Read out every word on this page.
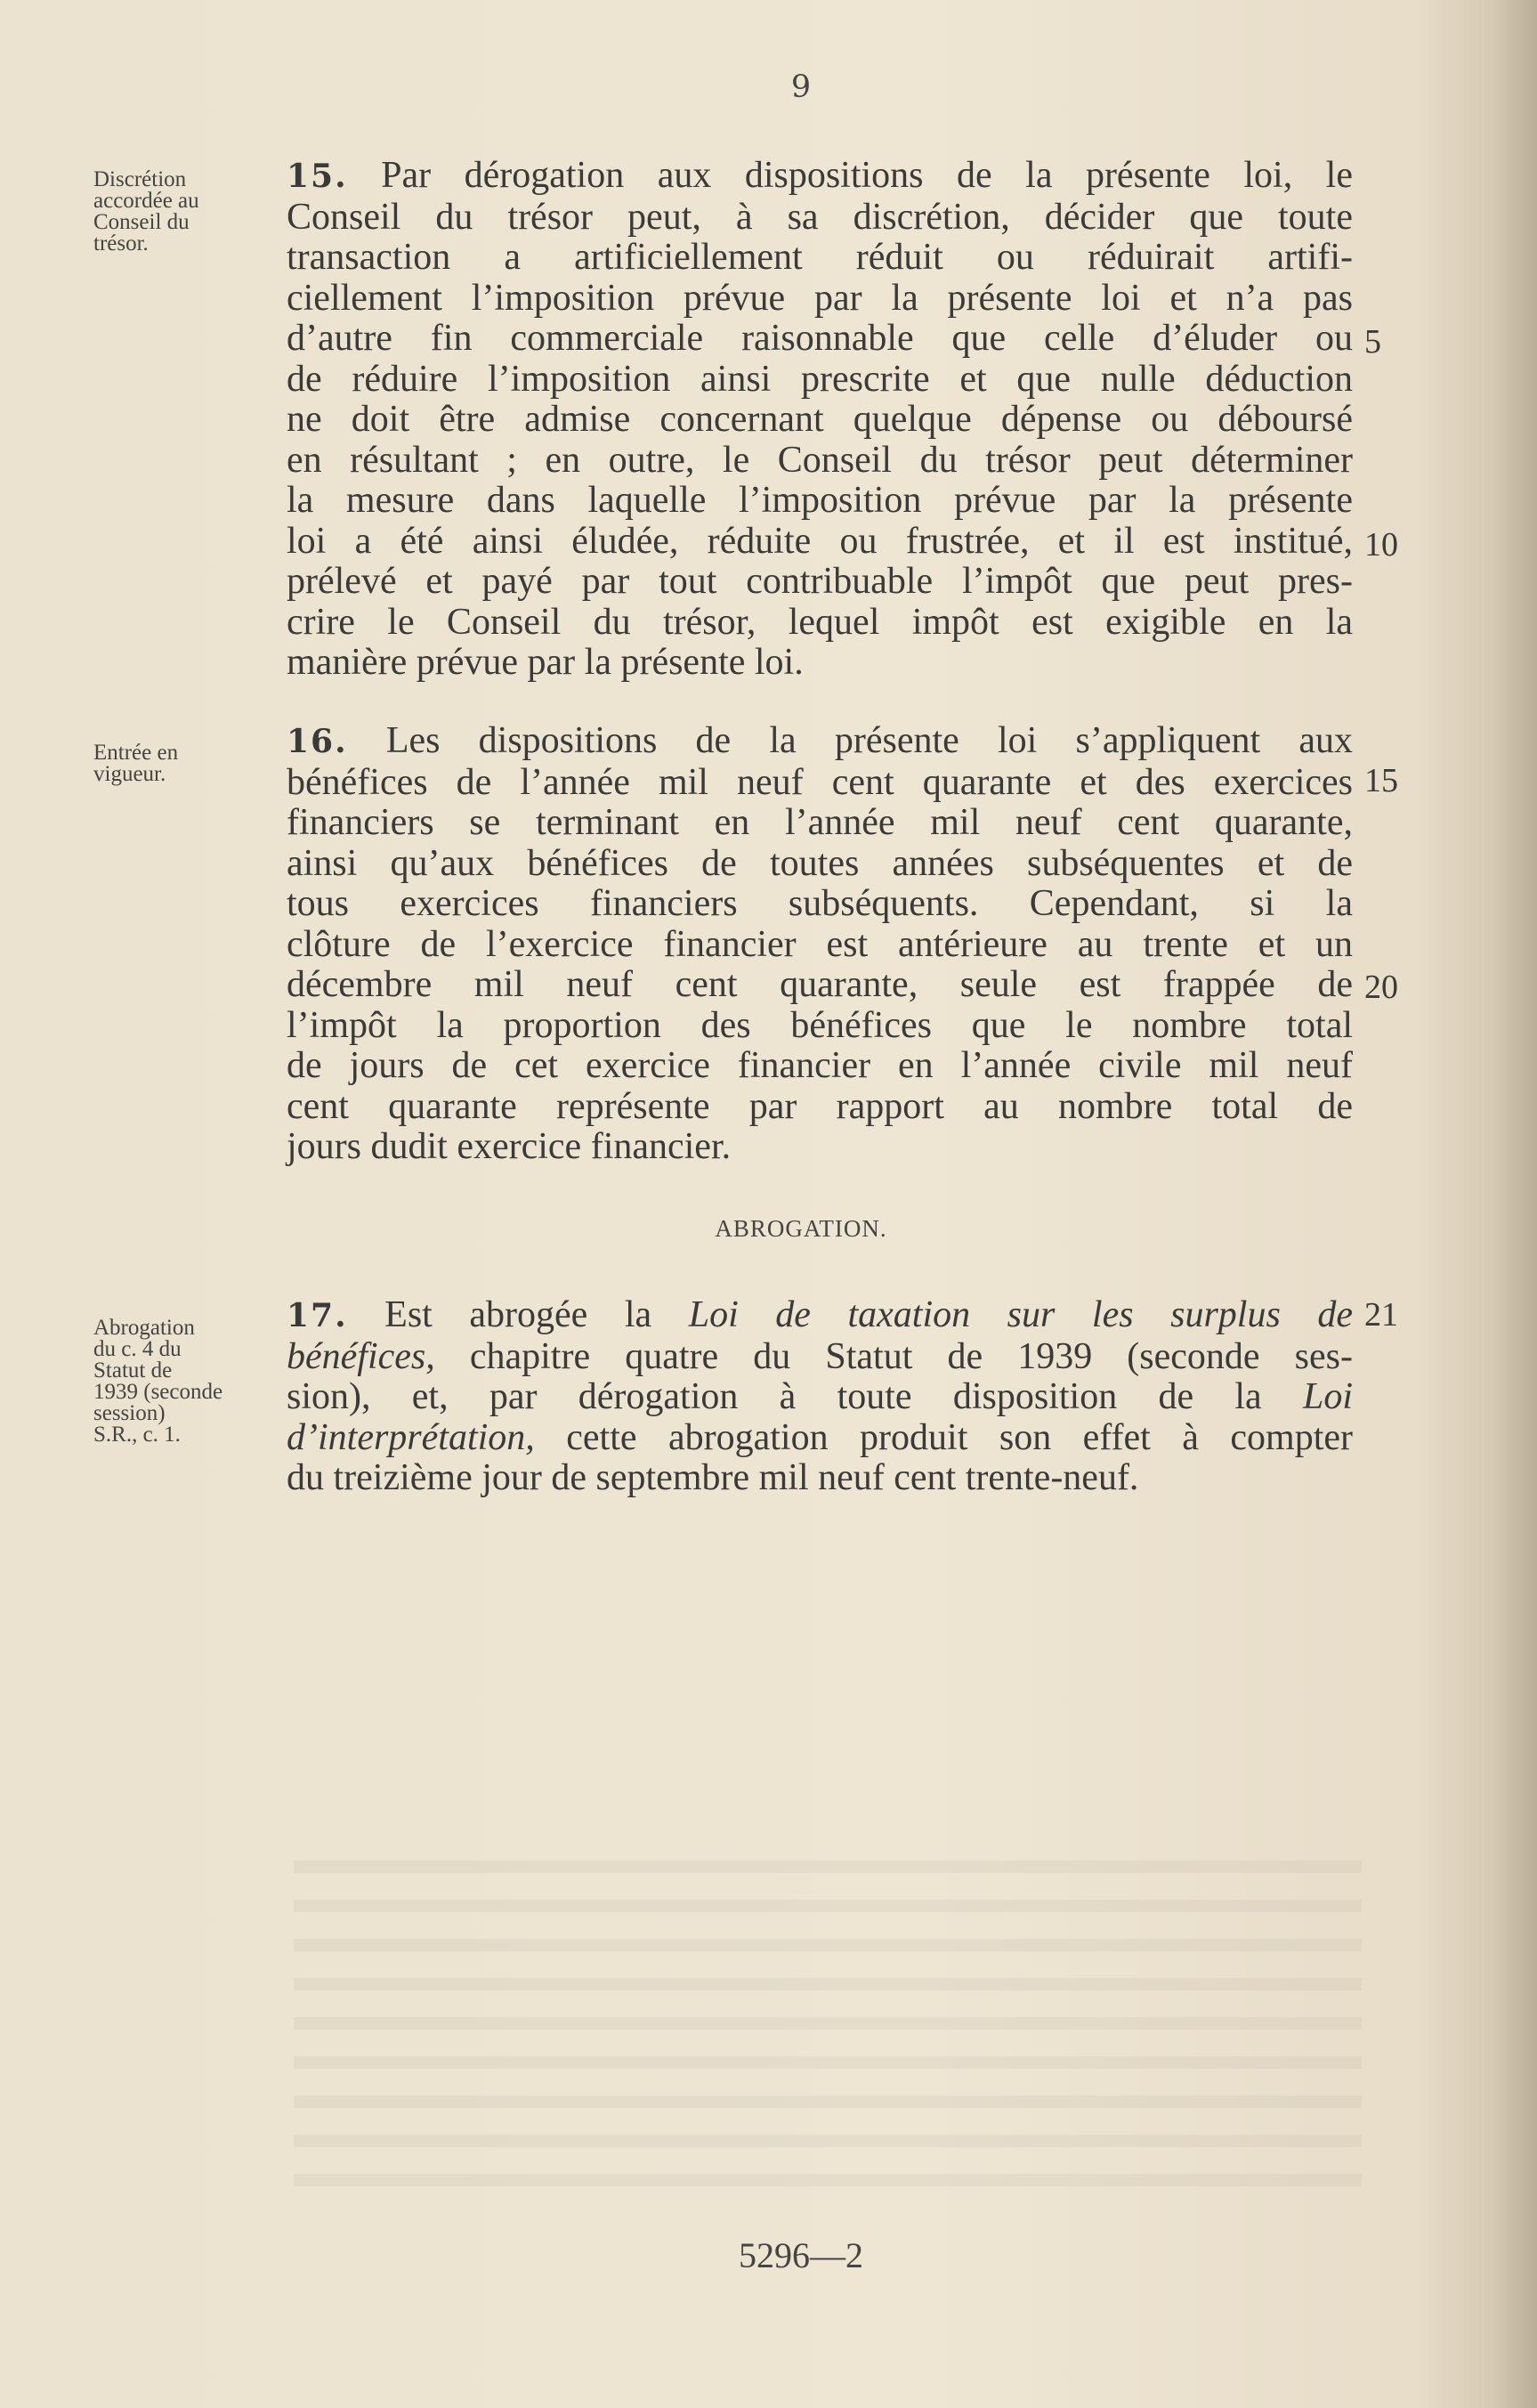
9
Discrétion
accordée au
Conseil du
trésor.
Entrée en
vigueur.
Abrogation
du c. 4 du
Statut de
1939 (seconde
session)
S.R., c. 1.
15. Par dérogation aux dispositions de la présente loi, le
Conseil du trésor peut, à sa discrétion, décider que toute
transaction a artificiellement réduit ou réduirait artifi-
ciellement l’imposition prévue par la présente loi et n’a pas
d’autre fin commerciale raisonnable que celle d’éluder ou
de réduire l’imposition ainsi prescrite et que nulle déduction
ne doit être admise concernant quelque dépense ou déboursé
en résultant ; en outre, le Conseil du trésor peut déterminer
la mesure dans laquelle l’imposition prévue par la présente
loi a été ainsi éludée, réduite ou frustrée, et il est institué,
prélevé et payé par tout contribuable l’impôt que peut pres-
crire le Conseil du trésor, lequel impôt est exigible en la
manière prévue par la présente loi.
16. Les dispositions de la présente loi s’appliquent aux
bénéfices de l’année mil neuf cent quarante et des exercices
financiers se terminant en l’année mil neuf cent quarante,
ainsi qu’aux bénéfices de toutes années subséquentes et de
tous exercices financiers subséquents. Cependant, si la
clôture de l’exercice financier est antérieure au trente et un
décembre mil neuf cent quarante, seule est frappée de
l’impôt la proportion des bénéfices que le nombre total
de jours de cet exercice financier en l’année civile mil neuf
cent quarante représente par rapport au nombre total de
jours dudit exercice financier.
ABROGATION.
17. Est abrogée la Loi de taxation sur les surplus de
bénéfices, chapitre quatre du Statut de 1939 (seconde ses-
sion), et, par dérogation à toute disposition de la Loi
d’interprétation, cette abrogation produit son effet à compter
du treizième jour de septembre mil neuf cent trente-neuf.
5
10
15
20
21
5296—2
